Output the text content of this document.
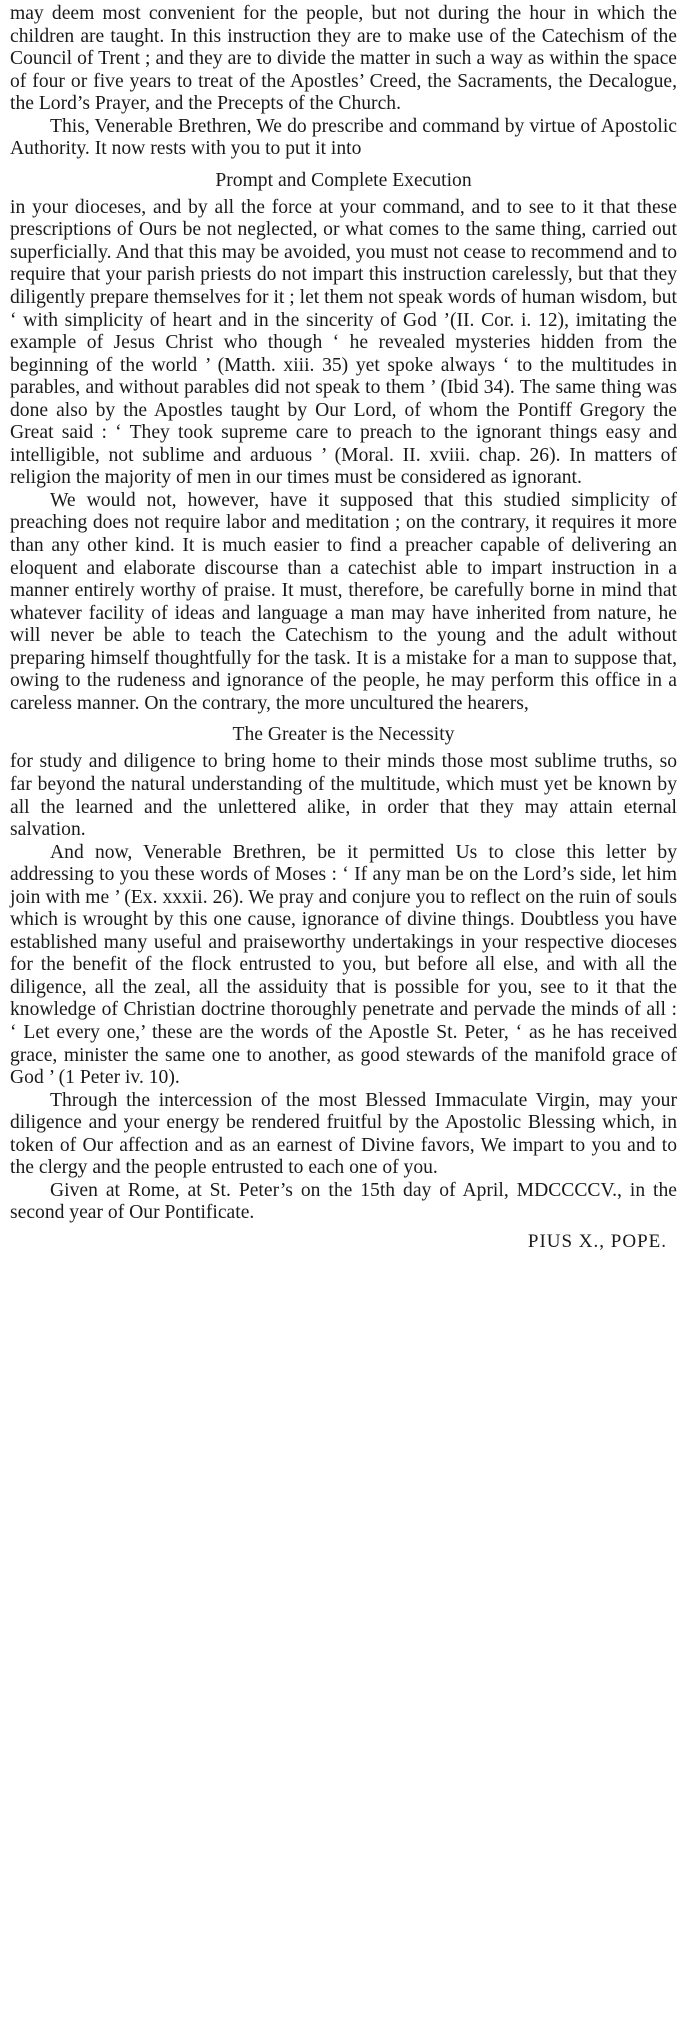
may deem most convenient for the people, but not during the hour in which the children are taught. In this instruction they are to make use of the Catechism of the Council of Trent ; and they are to divide the matter in such a way as within the space of four or five years to treat of the Apostles’ Creed, the Sacraments, the Decalogue, the Lord’s Prayer, and the Precepts of the Church.

This, Venerable Brethren, We do prescribe and command by virtue of Apostolic Authority. It now rests with you to put it into

Prompt and Complete Execution

in your dioceses, and by all the force at your command, and to see to it that these prescriptions of Ours be not neglected, or what comes to the same thing, carried out superficially. And that this may be avoided, you must not cease to recommend and to require that your parish priests do not impart this instruction carelessly, but that they diligently prepare themselves for it ; let them not speak words of human wisdom, but ‘ with simplicity of heart and in the sincerity of God ’(II. Cor. i. 12), imitating the example of Jesus Christ who though ‘ he revealed mysteries hidden from the beginning of the world ’ (Matth. xiii. 35) yet spoke always ‘ to the multitudes in parables, and without parables did not speak to them ’ (Ibid 34). The same thing was done also by the Apostles taught by Our Lord, of whom the Pontiff Gregory the Great said : ‘ They took supreme care to preach to the ignorant things easy and intelligible, not sublime and arduous ’ (Moral. II. xviii. chap. 26). In matters of religion the majority of men in our times must be considered as ignorant.

We would not, however, have it supposed that this studied simplicity of preaching does not require labor and meditation ; on the contrary, it requires it more than any other kind. It is much easier to find a preacher capable of delivering an eloquent and elaborate discourse than a catechist able to impart instruction in a manner entirely worthy of praise. It must, therefore, be carefully borne in mind that whatever facility of ideas and language a man may have inherited from nature, he will never be able to teach the Catechism to the young and the adult without preparing himself thoughtfully for the task. It is a mistake for a man to suppose that, owing to the rudeness and ignorance of the people, he may perform this office in a careless manner. On the contrary, the more uncultured the hearers,

The Greater is the Necessity

for study and diligence to bring home to their minds those most sublime truths, so far beyond the natural understanding of the multitude, which must yet be known by all the learned and the unlettered alike, in order that they may attain eternal salvation.

And now, Venerable Brethren, be it permitted Us to close this letter by addressing to you these words of Moses : ‘ If any man be on the Lord’s side, let him join with me ’ (Ex. xxxii. 26). We pray and conjure you to reflect on the ruin of souls which is wrought by this one cause, ignorance of divine things. Doubtless you have established many useful and praiseworthy undertakings in your respective dioceses for the benefit of the flock entrusted to you, but before all else, and with all the diligence, all the zeal, all the assiduity that is possible for you, see to it that the knowledge of Christian doctrine thoroughly penetrate and pervade the minds of all : ‘ Let every one,’ these are the words of the Apostle St. Peter, ‘ as he has received grace, minister the same one to another, as good stewards of the manifold grace of God ’ (1 Peter iv. 10).

Through the intercession of the most Blessed Immaculate Virgin, may your diligence and your energy be rendered fruitful by the Apostolic Blessing which, in token of Our affection and as an earnest of Divine favors, We impart to you and to the clergy and the people entrusted to each one of you.

Given at Rome, at St. Peter’s on the 15th day of April, MDCCCCV., in the second year of Our Pontificate.

PIUS X., POPE.
